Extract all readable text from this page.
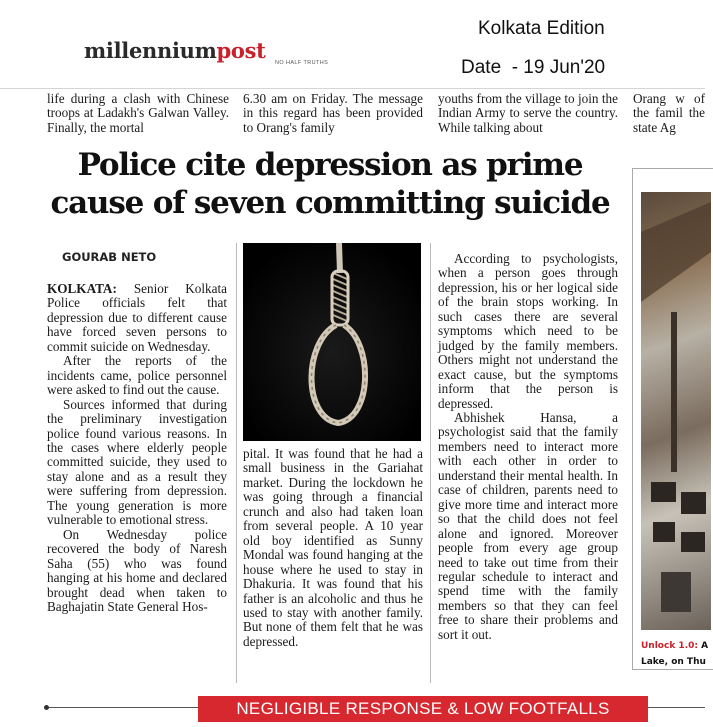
millenniumpost NO HALF TRUTHS
Kolkata Edition
Date  - 19 Jun'20
life during a clash with Chinese troops at Ladakh's Galwan Valley. Finally, the mortal
6.30 am on Friday. The message in this regard has been provided to Orang's family
youths from the village to join the Indian Army to serve the country. While talking about
Orang w of the famil the state Ag
Police cite depression as prime
cause of seven committing suicide
GOURAB NETO

KOLKATA: Senior Kolkata Police officials felt that depression due to different cause have forced seven persons to commit suicide on Wednesday.

After the reports of the incidents came, police personnel were asked to find out the cause.

Sources informed that during the preliminary investigation police found various reasons. In the cases where elderly people committed suicide, they used to stay alone and as a result they were suffering from depression. The young generation is more vulnerable to emotional stress.

On Wednesday police recovered the body of Naresh Saha (55) who was found hanging at his home and declared brought dead when taken to Baghajatin State General Hos-

pital. It was found that he had a small business in the Gariahat market. During the lockdown he was going through a financial crunch and also had taken loan from several people. A 10 year old boy identified as Sunny Mondal was found hanging at the house where he used to stay in Dhakuria. It was found that his father is an alcoholic and thus he used to stay with another family. But none of them felt that he was depressed.

According to psychologists, when a person goes through depression, his or her logical side of the brain stops working. In such cases there are several symptoms which need to be judged by the family members. Others might not understand the exact cause, but the symptoms inform that the person is depressed.

Abhishek Hansa, a psychologist said that the family members need to interact more with each other in order to understand their mental health. In case of children, parents need to give more time and interact more so that the child does not feel alone and ignored. Moreover people from every age group need to take out time from their regular schedule to interact and spend time with the family members so that they can feel free to share their problems and sort it out.

Unlock 1.0: A
Lake, on Thu
NEGLIGIBLE RESPONSE & LOW FOOTFALLS
